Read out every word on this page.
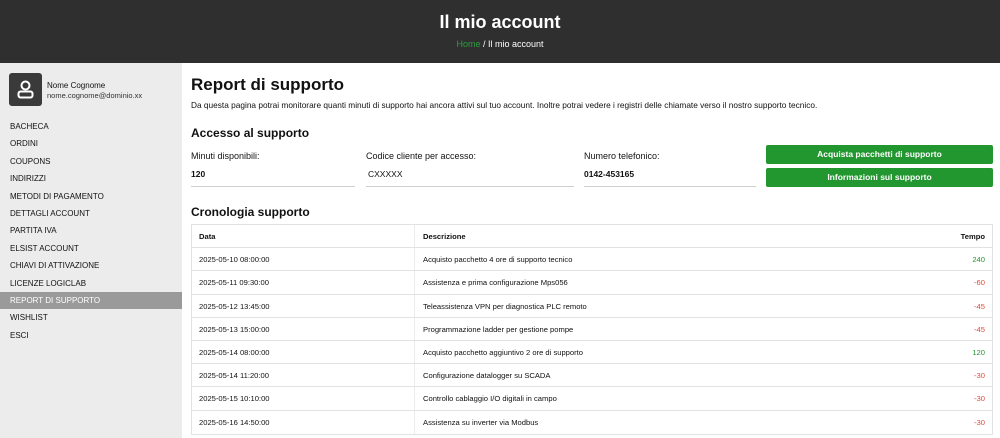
Il mio account
Home / Il mio account
Nome Cognome
nome.cognome@dominio.xx
BACHECA
ORDINI
COUPONS
INDIRIZZI
METODI DI PAGAMENTO
DETTAGLI ACCOUNT
PARTITA IVA
ELSIST ACCOUNT
CHIAVI DI ATTIVAZIONE
LICENZE LOGICLAB
REPORT DI SUPPORTO
WISHLIST
ESCI
Report di supporto
Da questa pagina potrai monitorare quanti minuti di supporto hai ancora attivi sul tuo account. Inoltre potrai vedere i registri delle chiamate verso il nostro supporto tecnico.
Accesso al supporto
Minuti disponibili:
120
Codice cliente per accesso:
CXXXXX
Numero telefonico:
0142-453165
Acquista pacchetti di supporto
Informazioni sul supporto
Cronologia supporto
Data	Descrizione	Tempo
2025-05-10 08:00:00	Acquisto pacchetto 4 ore di supporto tecnico	240
2025-05-11 09:30:00	Assistenza e prima configurazione Mps056	-60
2025-05-12 13:45:00	Teleassistenza VPN per diagnostica PLC remoto	-45
2025-05-13 15:00:00	Programmazione ladder per gestione pompe	-45
2025-05-14 08:00:00	Acquisto pacchetto aggiuntivo 2 ore di supporto	120
2025-05-14 11:20:00	Configurazione datalogger su SCADA	-30
2025-05-15 10:10:00	Controllo cablaggio I/O digitali in campo	-30
2025-05-16 14:50:00	Assistenza su inverter via Modbus	-30
